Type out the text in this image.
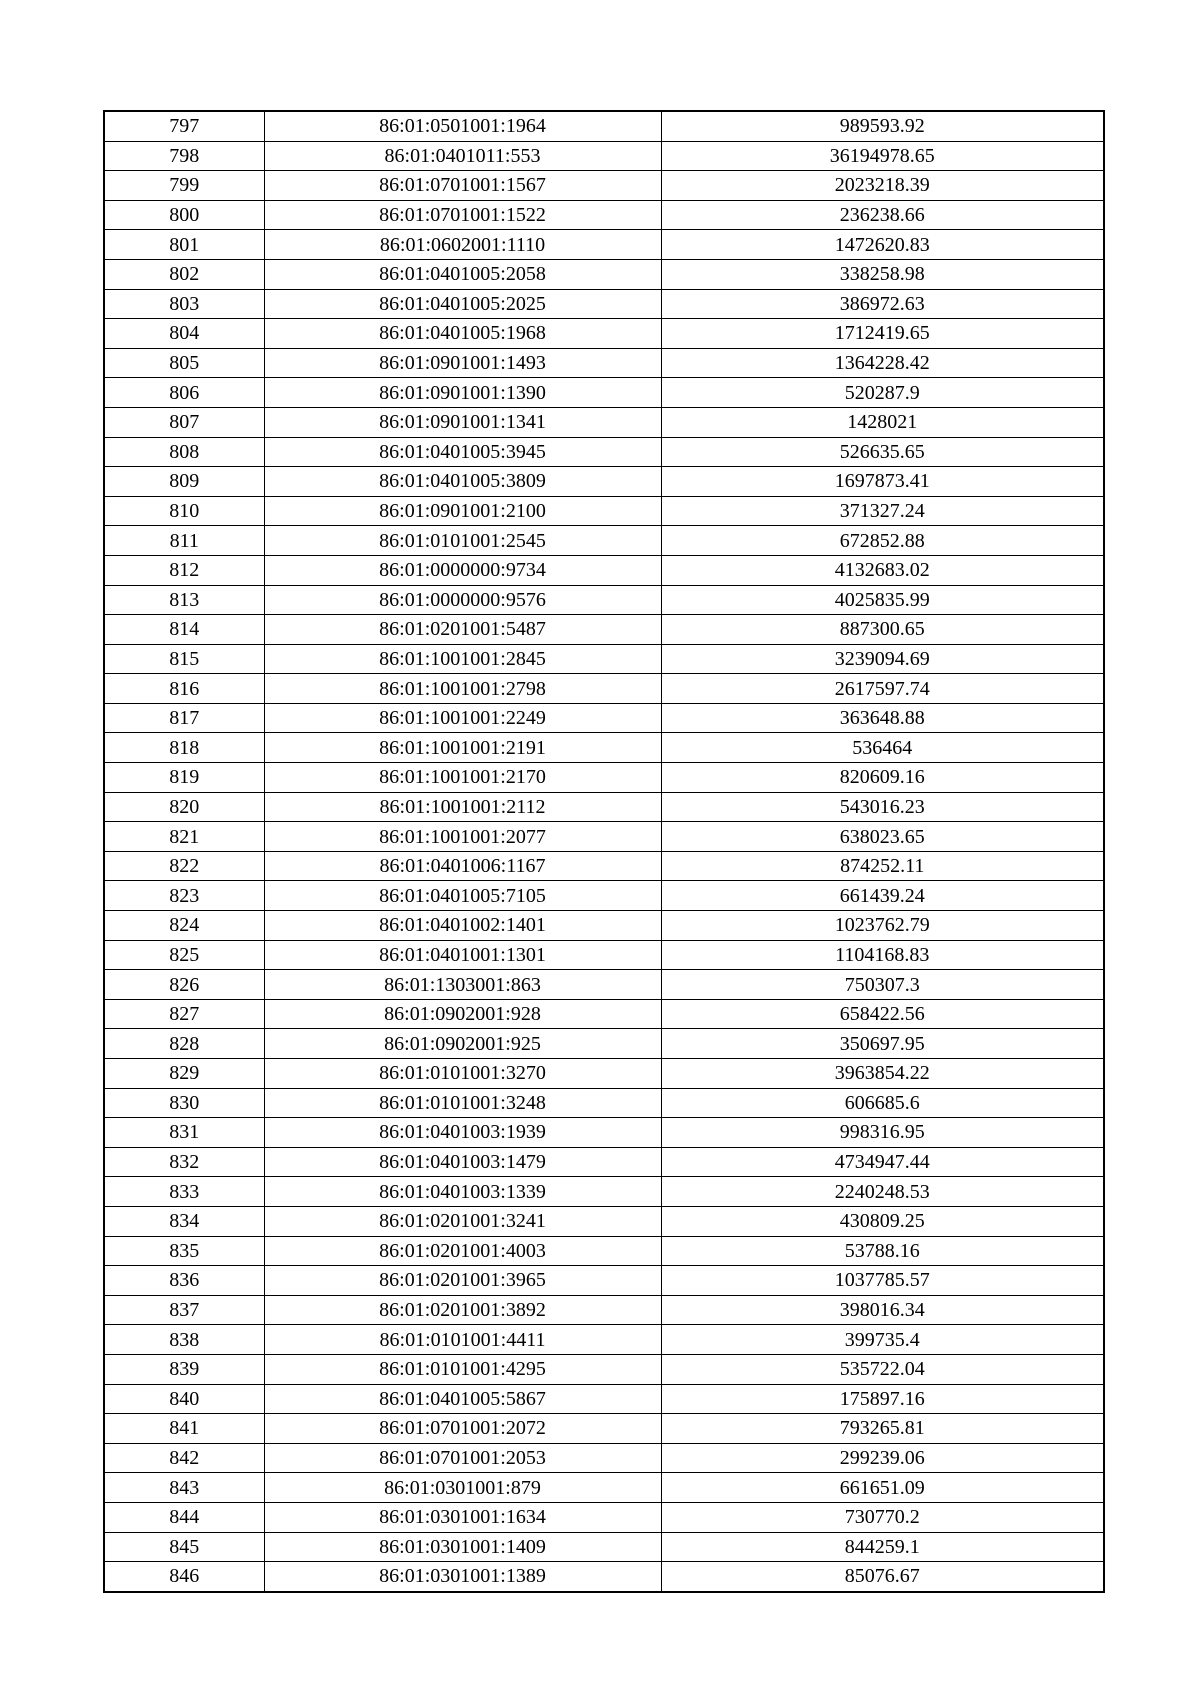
797	86:01:0501001:1964	989593.92
798	86:01:0401011:553	36194978.65
799	86:01:0701001:1567	2023218.39
800	86:01:0701001:1522	236238.66
801	86:01:0602001:1110	1472620.83
802	86:01:0401005:2058	338258.98
803	86:01:0401005:2025	386972.63
804	86:01:0401005:1968	1712419.65
805	86:01:0901001:1493	1364228.42
806	86:01:0901001:1390	520287.9
807	86:01:0901001:1341	1428021
808	86:01:0401005:3945	526635.65
809	86:01:0401005:3809	1697873.41
810	86:01:0901001:2100	371327.24
811	86:01:0101001:2545	672852.88
812	86:01:0000000:9734	4132683.02
813	86:01:0000000:9576	4025835.99
814	86:01:0201001:5487	887300.65
815	86:01:1001001:2845	3239094.69
816	86:01:1001001:2798	2617597.74
817	86:01:1001001:2249	363648.88
818	86:01:1001001:2191	536464
819	86:01:1001001:2170	820609.16
820	86:01:1001001:2112	543016.23
821	86:01:1001001:2077	638023.65
822	86:01:0401006:1167	874252.11
823	86:01:0401005:7105	661439.24
824	86:01:0401002:1401	1023762.79
825	86:01:0401001:1301	1104168.83
826	86:01:1303001:863	750307.3
827	86:01:0902001:928	658422.56
828	86:01:0902001:925	350697.95
829	86:01:0101001:3270	3963854.22
830	86:01:0101001:3248	606685.6
831	86:01:0401003:1939	998316.95
832	86:01:0401003:1479	4734947.44
833	86:01:0401003:1339	2240248.53
834	86:01:0201001:3241	430809.25
835	86:01:0201001:4003	53788.16
836	86:01:0201001:3965	1037785.57
837	86:01:0201001:3892	398016.34
838	86:01:0101001:4411	399735.4
839	86:01:0101001:4295	535722.04
840	86:01:0401005:5867	175897.16
841	86:01:0701001:2072	793265.81
842	86:01:0701001:2053	299239.06
843	86:01:0301001:879	661651.09
844	86:01:0301001:1634	730770.2
845	86:01:0301001:1409	844259.1
846	86:01:0301001:1389	85076.67
